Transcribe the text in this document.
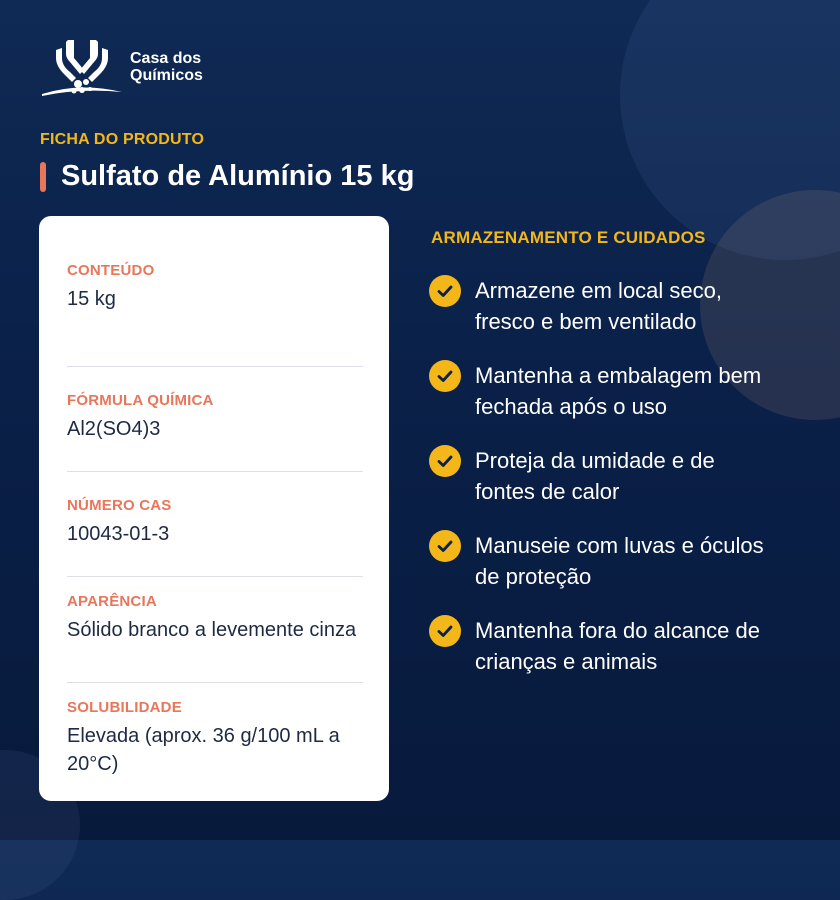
Casa dos
Químicos
FICHA DO PRODUTO
Sulfato de Alumínio 15 kg
CONTEÚDO
15 kg
FÓRMULA QUÍMICA
Al2(SO4)3
NÚMERO CAS
10043-01-3
APARÊNCIA
Sólido branco a levemente cinza
SOLUBILIDADE
Elevada (aprox. 36 g/100 mL a 20°C)
ARMAZENAMENTO E CUIDADOS
Armazene em local seco, fresco e bem ventilado
Mantenha a embalagem bem fechada após o uso
Proteja da umidade e de fontes de calor
Manuseie com luvas e óculos de proteção
Mantenha fora do alcance de crianças e animais
